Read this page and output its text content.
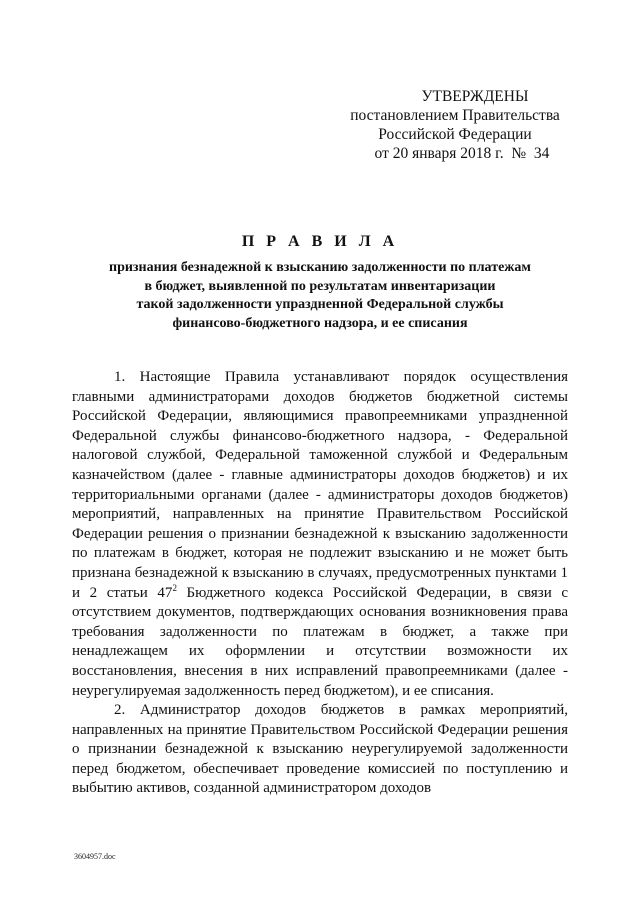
УТВЕРЖДЕНЫ
постановлением Правительства
Российской Федерации
от 20 января 2018 г.  №  34
П Р А В И Л А
признания безнадежной к взысканию задолженности по платежам
в бюджет, выявленной по результатам инвентаризации
такой задолженности упраздненной Федеральной службы
финансово-бюджетного надзора, и ее списания

1. Настоящие Правила устанавливают порядок осуществления главными администраторами доходов бюджетов бюджетной системы Российской Федерации, являющимися правопреемниками упраздненной Федеральной службы финансово-бюджетного надзора, - Федеральной налоговой службой, Федеральной таможенной службой и Федеральным казначейством (далее - главные администраторы доходов бюджетов) и их территориальными органами (далее - администраторы доходов бюджетов) мероприятий, направленных на принятие Правительством Российской Федерации решения о признании безнадежной к взысканию задолженности по платежам в бюджет, которая не подлежит взысканию и не может быть признана безнадежной к взысканию в случаях, предусмотренных пунктами 1 и 2 статьи $47^2$ Бюджетного кодекса Российской Федерации, в связи с отсутствием документов, подтверждающих основания возникновения права требования задолженности по платежам в бюджет, а также при ненадлежащем их оформлении и отсутствии возможности их восстановления, внесения в них исправлений правопреемниками (далее - неурегулируемая задолженность перед бюджетом), и ее списания.

2. Администратор доходов бюджетов в рамках мероприятий, направленных на принятие Правительством Российской Федерации решения о признании безнадежной к взысканию неурегулируемой задолженности перед бюджетом, обеспечивает проведение комиссией по поступлению и выбытию активов, созданной администратором доходов

3604957.doc
